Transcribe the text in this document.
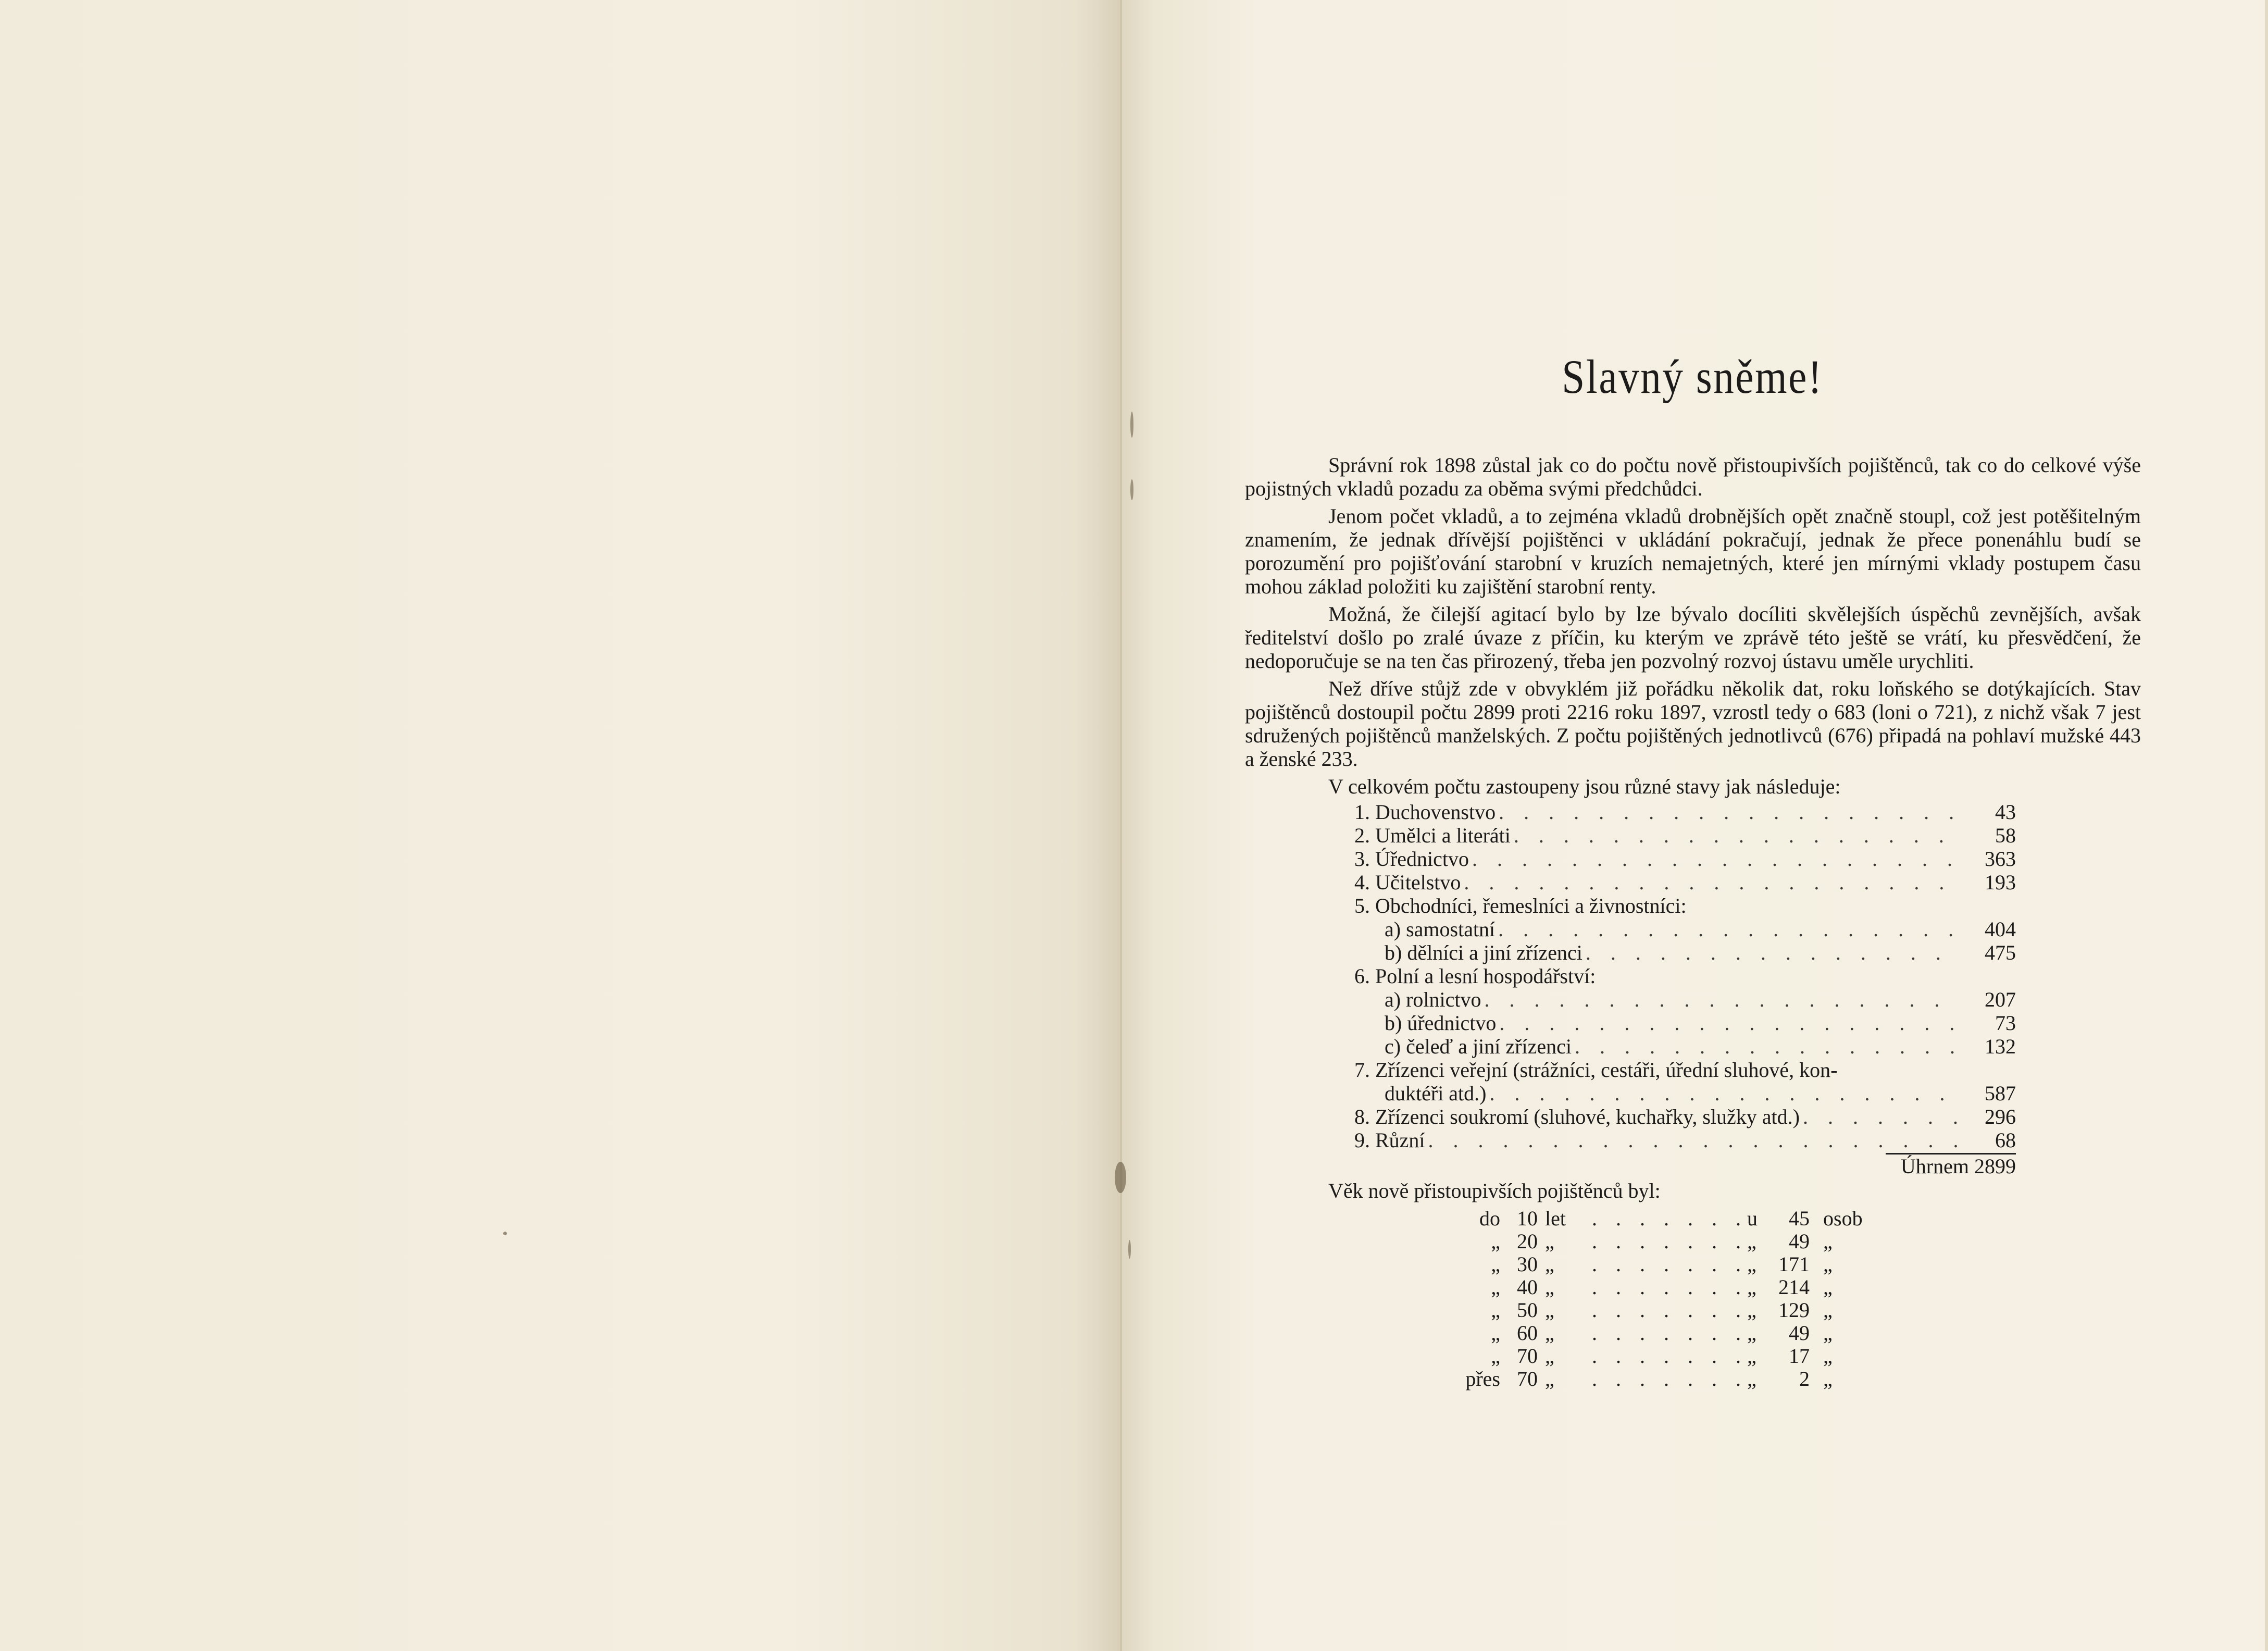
Slavný sněme!

Správní rok 1898 zůstal jak co do počtu nově přistoupivších pojištěnců, tak co do celkové výše pojistných vkladů pozadu za oběma svými předchůdci.

Jenom počet vkladů, a to zejména vkladů drobnějších opět značně stoupl, což jest potěšitelným znamením, že jednak dřívější pojištěnci v ukládání pokračují, jednak že přece ponenáhlu budí se porozumění pro pojišťování starobní v kruzích nemajetných, které jen mírnými vklady postupem času mohou základ položiti ku zajištění starobní renty.

Možná, že čilejší agitací bylo by lze bývalo docíliti skvělejších úspěchů zevnějších, avšak ředitelství došlo po zralé úvaze z příčin, ku kterým ve zprávě této ještě se vrátí, ku přesvědčení, že nedoporučuje se na ten čas přirozený, třeba jen pozvolný rozvoj ústavu uměle urychliti.

Než dříve stůjž zde v obvyklém již pořádku několik dat, roku loňského se dotýkajících. Stav pojištěnců dostoupil počtu 2899 proti 2216 roku 1897, vzrostl tedy o 683 (loni o 721), z nichž však 7 jest sdružených pojištěnců manželských. Z počtu pojištěných jednotlivců (676) připadá na pohlaví mužské 443 a ženské 233.

V celkovém počtu zastoupeny jsou různé stavy jak následuje:
1. Duchovenstvo . . .	43
2. Umělci a literáti . . .	58
3. Úřednictvo . . .	363
4. Učitelstvo . . .	193
5. Obchodníci, řemeslníci a živnostníci:
a) samostatní . . .	404
b) dělníci a jiní zřízenci . . .	475
6. Polní a lesní hospodářství:
a) rolnictvo . . .	207
b) úřednictvo . . .	73
c) čeleď a jiní zřízenci . . .	132
7. Zřízenci veřejní (strážníci, cestáři, úřední sluhové, kon-
duktéři atd.) . . .	587
8. Zřízenci soukromí (sluhové, kuchařky, služky atd.) . . .	296
9. Různí . . .	68
Úhrnem 2899
Věk nově přistoupivších pojištěnců byl:
do 10 let . . .	u	45 osob
„ 20 „ . . .	„	49 „
„ 30 „ . . .	„	171 „
„ 40 „ . . .	„	214 „
„ 50 „ . . .	„	129 „
„ 60 „ . . .	„	49 „
„ 70 „ . . .	„	17 „
přes 70 „ . . .	„	2 „
